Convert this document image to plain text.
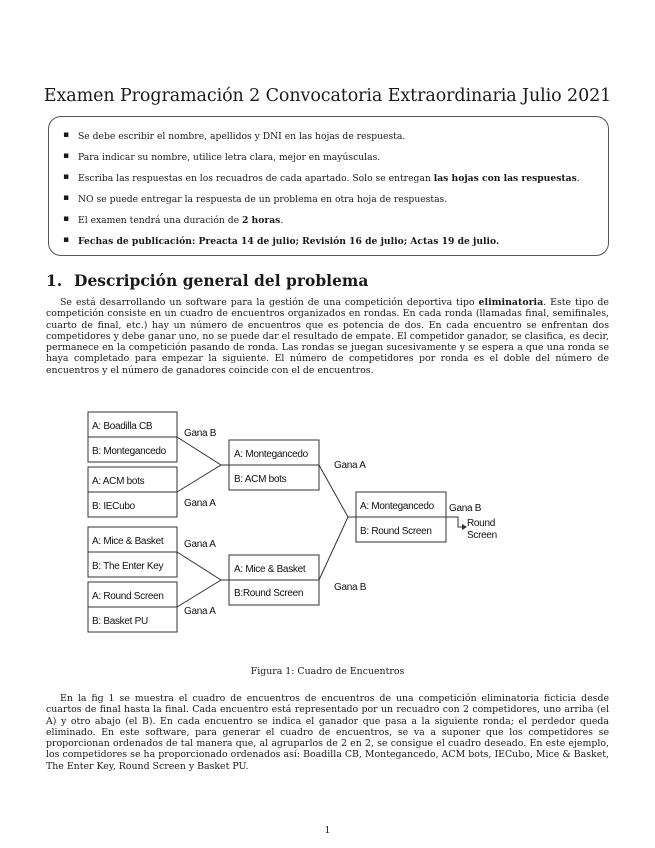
Examen Programación 2 Convocatoria Extraordinaria Julio 2021
▪ Se debe escribir el nombre, apellidos y DNI en las hojas de respuesta.
▪ Para indicar su nombre, utilice letra clara, mejor en mayúsculas.
▪ Escriba las respuestas en los recuadros de cada apartado. Solo se entregan las hojas con las respuestas.
▪ NO se puede entregar la respuesta de un problema en otra hoja de respuestas.
▪ El examen tendrá una duración de 2 horas.
▪ Fechas de publicación: Preacta 14 de julio; Revisión 16 de julio; Actas 19 de julio.
1. Descripción general del problema

Se está desarrollando un software para la gestión de una competición deportiva tipo eliminatoria. Este tipo de competición consiste en un cuadro de encuentros organizados en rondas. En cada ronda (llamadas final, semifinales, cuarto de final, etc.) hay un número de encuentros que es potencia de dos. En cada encuentro se enfrentan dos competidores y debe ganar uno, no se puede dar el resultado de empate. El competidor ganador, se clasifica, es decir, permanece en la competición pasando de ronda. Las rondas se juegan sucesivamente y se espera a que una ronda se haya completado para empezar la siguiente. El número de competidores por ronda es el doble del número de encuentros y el número de ganadores coincide con el de encuentros.

A: Boadilla CB
B: Montegancedo
A: ACM bots
B: IECubo
A: Mice & Basket
B: The Enter Key
A: Round Screen
B: Basket PU
Gana B
Gana A
Gana A
Gana A
A: Montegancedo
B: ACM bots
A: Mice & Basket
B:Round Screen
Gana A
Gana B
A: Montegancedo
B: Round Screen
Gana B
Round
Screen
Figura 1: Cuadro de Encuentros

En la fig 1 se muestra el cuadro de encuentros de encuentros de una competición eliminatoria ficticia desde cuartos de final hasta la final. Cada encuentro está representado por un recuadro con 2 competidores, uno arriba (el A) y otro abajo (el B). En cada encuentro se indica el ganador que pasa a la siguiente ronda; el perdedor queda eliminado. En este software, para generar el cuadro de encuentros, se va a suponer que los competidores se proporcionan ordenados de tal manera que, al agruparlos de 2 en 2, se consigue el cuadro deseado. En este ejemplo, los competidores se ha proporcionado ordenados así: Boadilla CB, Montegancedo, ACM bots, IECubo, Mice & Basket, The Enter Key, Round Screen y Basket PU.

1
